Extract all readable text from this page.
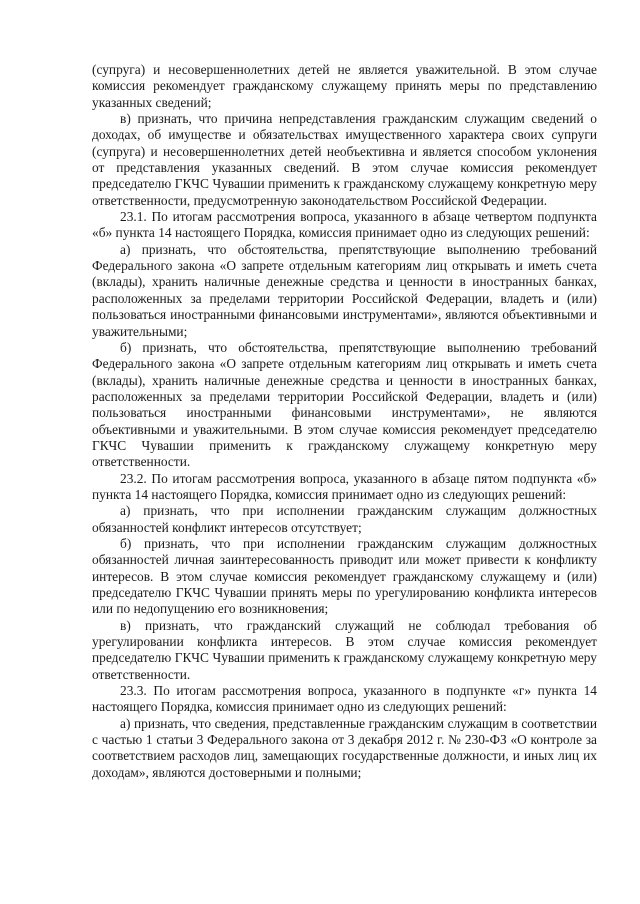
(супруга) и несовершеннолетних детей не является уважительной. В этом случае комиссия рекомендует гражданскому служащему принять меры по представлению указанных сведений;

в) признать, что причина непредставления гражданским служащим сведений о доходах, об имуществе и обязательствах имущественного характера своих супруги (супруга) и несовершеннолетних детей необъективна и является способом уклонения от представления указанных сведений. В этом случае комиссия рекомендует председателю ГКЧС Чувашии применить к гражданскому служащему конкретную меру ответственности, предусмотренную законодательством Российской Федерации.

23.1. По итогам рассмотрения вопроса, указанного в абзаце четвертом подпункта «б» пункта 14 настоящего Порядка, комиссия принимает одно из следующих решений:

а) признать, что обстоятельства, препятствующие выполнению требований Федерального закона «О запрете отдельным категориям лиц открывать и иметь счета (вклады), хранить наличные денежные средства и ценности в иностранных банках, расположенных за пределами территории Российской Федерации, владеть и (или) пользоваться иностранными финансовыми инструментами», являются объективными и уважительными;

б) признать, что обстоятельства, препятствующие выполнению требований Федерального закона «О запрете отдельным категориям лиц открывать и иметь счета (вклады), хранить наличные денежные средства и ценности в иностранных банках, расположенных за пределами территории Российской Федерации, владеть и (или) пользоваться иностранными финансовыми инструментами», не являются объективными и уважительными. В этом случае комиссия рекомендует председателю ГКЧС Чувашии применить к гражданскому служащему конкретную меру ответственности.

23.2. По итогам рассмотрения вопроса, указанного в абзаце пятом подпункта «б» пункта 14 настоящего Порядка, комиссия принимает одно из следующих решений:

а) признать, что при исполнении гражданским служащим должностных обязанностей конфликт интересов отсутствует;

б) признать, что при исполнении гражданским служащим должностных обязанностей личная заинтересованность приводит или может привести к конфликту интересов. В этом случае комиссия рекомендует гражданскому служащему и (или) председателю ГКЧС Чувашии принять меры по урегулированию конфликта интересов или по недопущению его возникновения;

в) признать, что гражданский служащий не соблюдал требования об урегулировании конфликта интересов. В этом случае комиссия рекомендует председателю ГКЧС Чувашии применить к гражданскому служащему конкретную меру ответственности.

23.3. По итогам рассмотрения вопроса, указанного в подпункте «г» пункта 14 настоящего Порядка, комиссия принимает одно из следующих решений:

а) признать, что сведения, представленные гражданским служащим в соответствии с частью 1 статьи 3 Федерального закона от 3 декабря 2012 г. № 230-ФЗ «О контроле за соответствием расходов лиц, замещающих государственные должности, и иных лиц их доходам», являются достоверными и полными;
